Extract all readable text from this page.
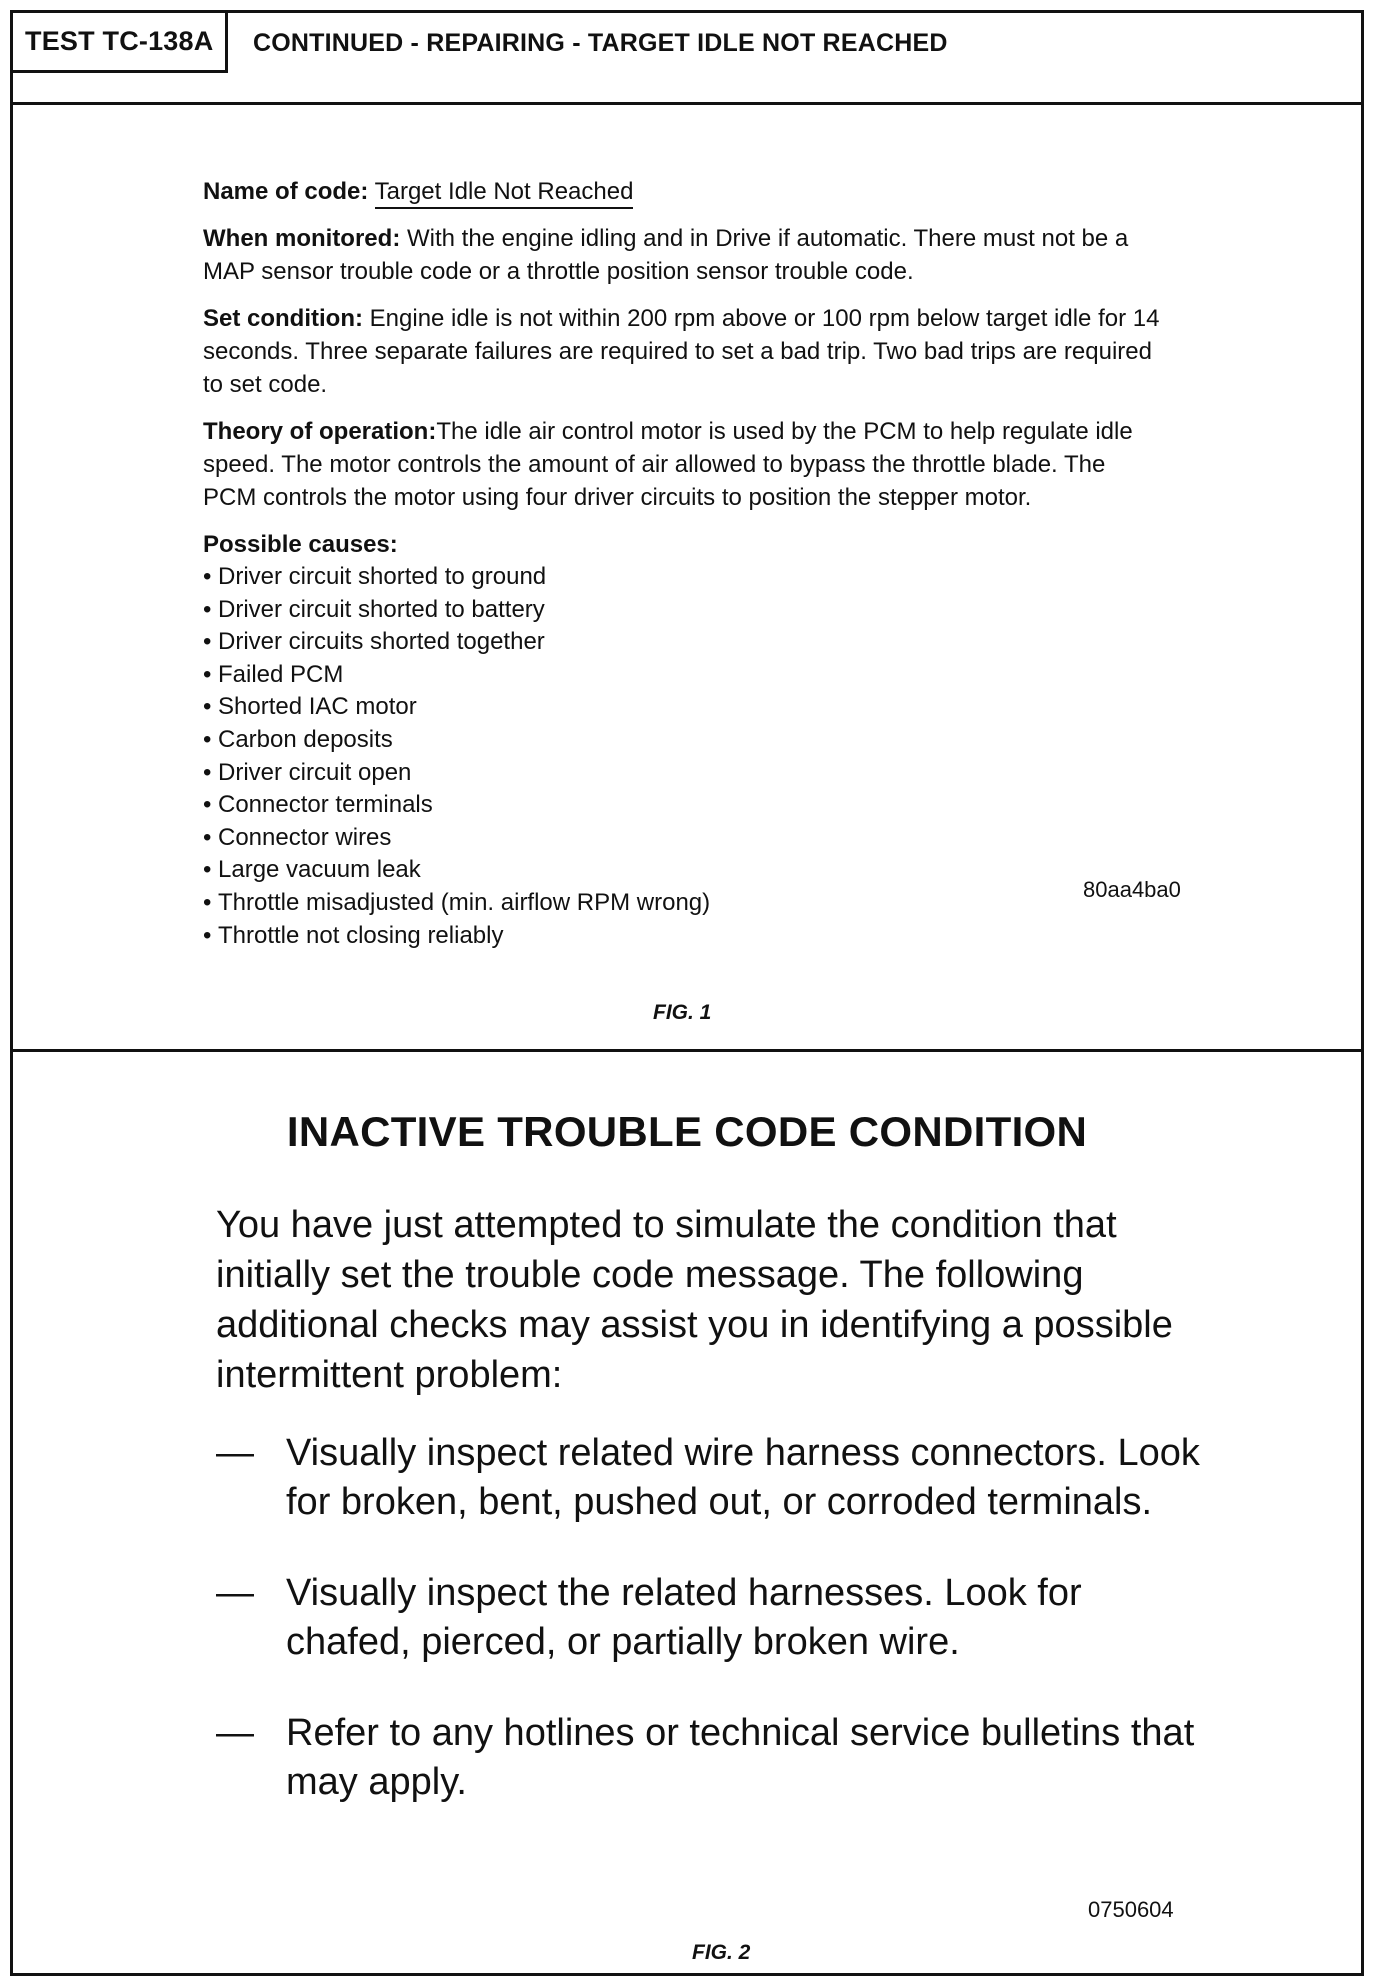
TEST TC-138A	CONTINUED - REPAIRING - TARGET IDLE NOT REACHED

Name of code: Target Idle Not Reached

When monitored: With the engine idling and in Drive if automatic. There must not be a MAP sensor trouble code or a throttle position sensor trouble code.

Set condition: Engine idle is not within 200 rpm above or 100 rpm below target idle for 14 seconds. Three separate failures are required to set a bad trip. Two bad trips are required to set code.

Theory of operation:The idle air control motor is used by the PCM to help regulate idle speed. The motor controls the amount of air allowed to bypass the throttle blade. The PCM controls the motor using four driver circuits to position the stepper motor.

Possible causes:
• Driver circuit shorted to ground
• Driver circuit shorted to battery
• Driver circuits shorted together
• Failed PCM
• Shorted IAC motor
• Carbon deposits
• Driver circuit open
• Connector terminals
• Connector wires
• Large vacuum leak
• Throttle misadjusted (min. airflow RPM wrong)
• Throttle not closing reliably
80aa4ba0
FIG. 1
INACTIVE TROUBLE CODE CONDITION
You have just attempted to simulate the condition that initially set the trouble code message. The following additional checks may assist you in identifying a possible intermittent problem:
— Visually inspect related wire harness connectors. Look for broken, bent, pushed out, or corroded terminals.
— Visually inspect the related harnesses. Look for chafed, pierced, or partially broken wire.
— Refer to any hotlines or technical service bulletins that may apply.
0750604
FIG. 2
